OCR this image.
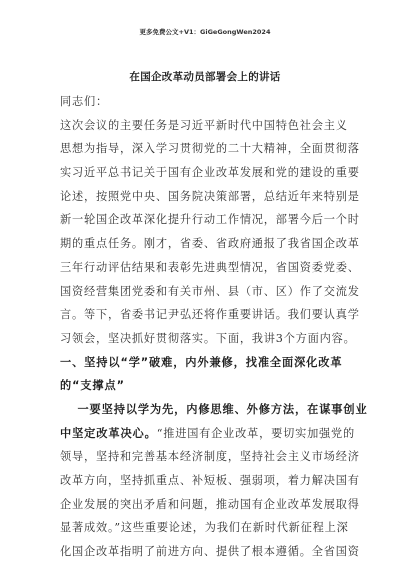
更多免费公文+V1：GiGeGongWen2024
在国企改革动员部署会上的讲话
同志们：
这次会议的主要任务是习近平新时代中国特色社会主义
思想为指导，深入学习贯彻党的二十大精神，全面贯彻落
实习近平总书记关于国有企业改革发展和党的建设的重要
论述，按照党中央、国务院决策部署，总结近年来特别是
新一轮国企改革深化提升行动工作情况，部署今后一个时
期的重点任务。刚才，省委、省政府通报了我省国企改革
三年行动评估结果和表彰先进典型情况，省国资委党委、
国资经营集团党委和有关市州、县（市、区）作了交流发
言。等下，省委书记尹弘还将作重要讲话。我们要认真学
习领会，坚决抓好贯彻落实。下面，我讲3个方面内容。
一、坚持以“学”破难，内外兼修，找准全面深化改革
的“支撑点”
一要坚持以学为先，内修思维、外修方法，在谋事创业
中坚定改革决心。“推进国有企业改革，要切实加强党的
领导，坚持和完善基本经济制度，坚持社会主义市场经济
改革方向，坚持抓重点、补短板、强弱项，着力解决国有
企业发展的突出矛盾和问题，推动国有企业改革发展取得
显著成效。”这些重要论述，为我们在新时代新征程上深
化国企改革指明了前进方向、提供了根本遵循。全省国资
